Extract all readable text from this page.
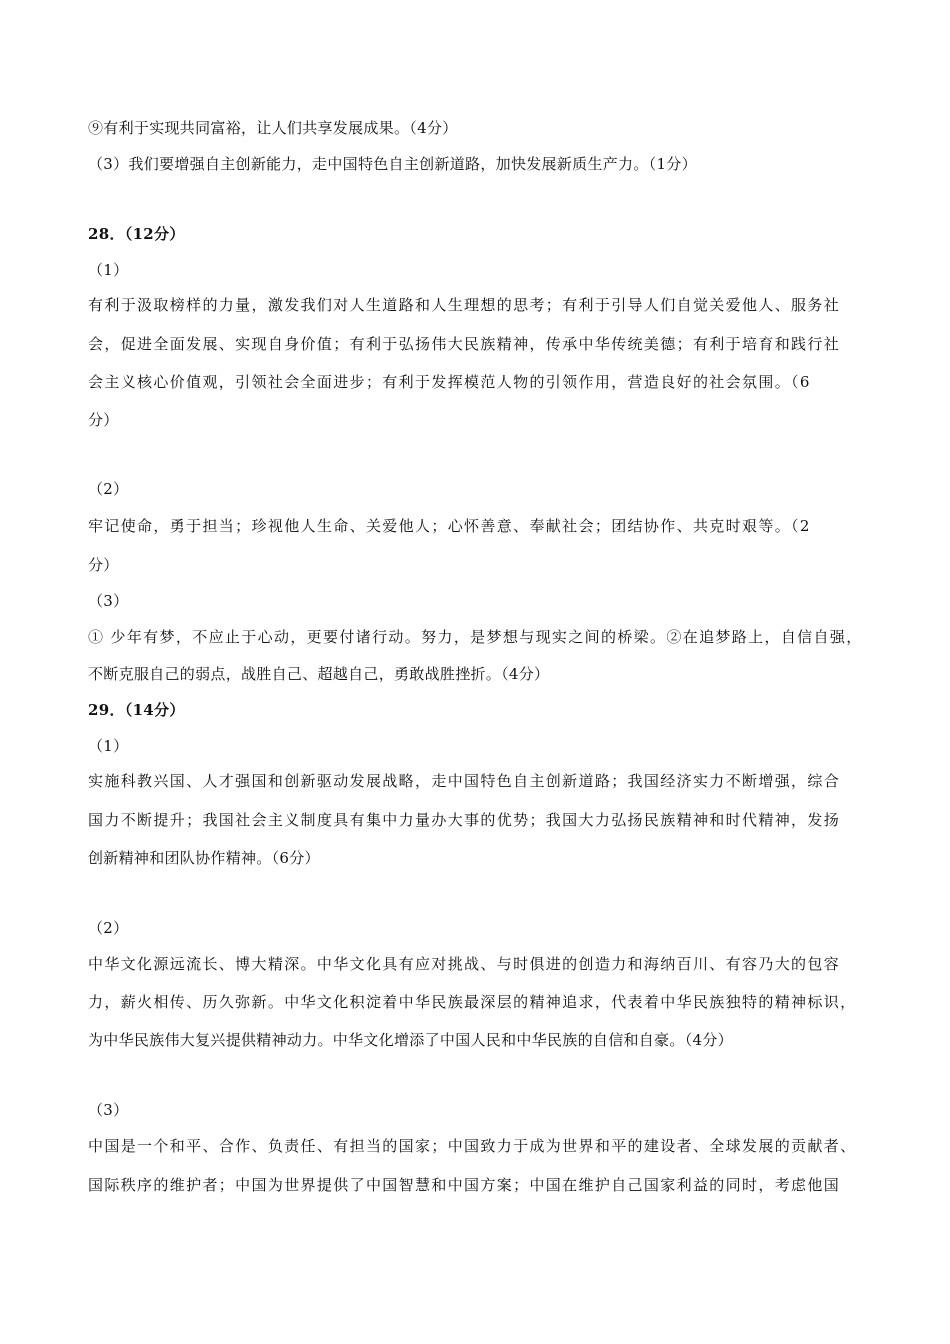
⑨有利于实现共同富裕，让人们共享发展成果。（4分）
（3）我们要增强自主创新能力，走中国特色自主创新道路，加快发展新质生产力。（1分）
28．（12分）
（1）
有利于汲取榜样的力量，激发我们对人生道路和人生理想的思考；有利于引导人们自觉关爱他人、服务社
会，促进全面发展、实现自身价值；有利于弘扬伟大民族精神，传承中华传统美德；有利于培育和践行社
会主义核心价值观，引领社会全面进步；有利于发挥模范人物的引领作用，营造良好的社会氛围。（6
分）
（2）
牢记使命，勇于担当；珍视他人生命、关爱他人；心怀善意、奉献社会；团结协作、共克时艰等。（2
分）
（3）
① 少年有梦，不应止于心动，更要付诸行动。努力，是梦想与现实之间的桥梁。②在追梦路上，自信自强，
不断克服自己的弱点，战胜自己、超越自己，勇敢战胜挫折。（4分）
29．（14分）
（1）
实施科教兴国、人才强国和创新驱动发展战略，走中国特色自主创新道路；我国经济实力不断增强，综合
国力不断提升；我国社会主义制度具有集中力量办大事的优势；我国大力弘扬民族精神和时代精神，发扬
创新精神和团队协作精神。（6分）
（2）
中华文化源远流长、博大精深。中华文化具有应对挑战、与时俱进的创造力和海纳百川、有容乃大的包容
力，薪火相传、历久弥新。中华文化积淀着中华民族最深层的精神追求，代表着中华民族独特的精神标识，
为中华民族伟大复兴提供精神动力。中华文化增添了中国人民和中华民族的自信和自豪。（4分）
（3）
中国是一个和平、合作、负责任、有担当的国家；中国致力于成为世界和平的建设者、全球发展的贡献者、
国际秩序的维护者；中国为世界提供了中国智慧和中国方案；中国在维护自己国家利益的同时，考虑他国
